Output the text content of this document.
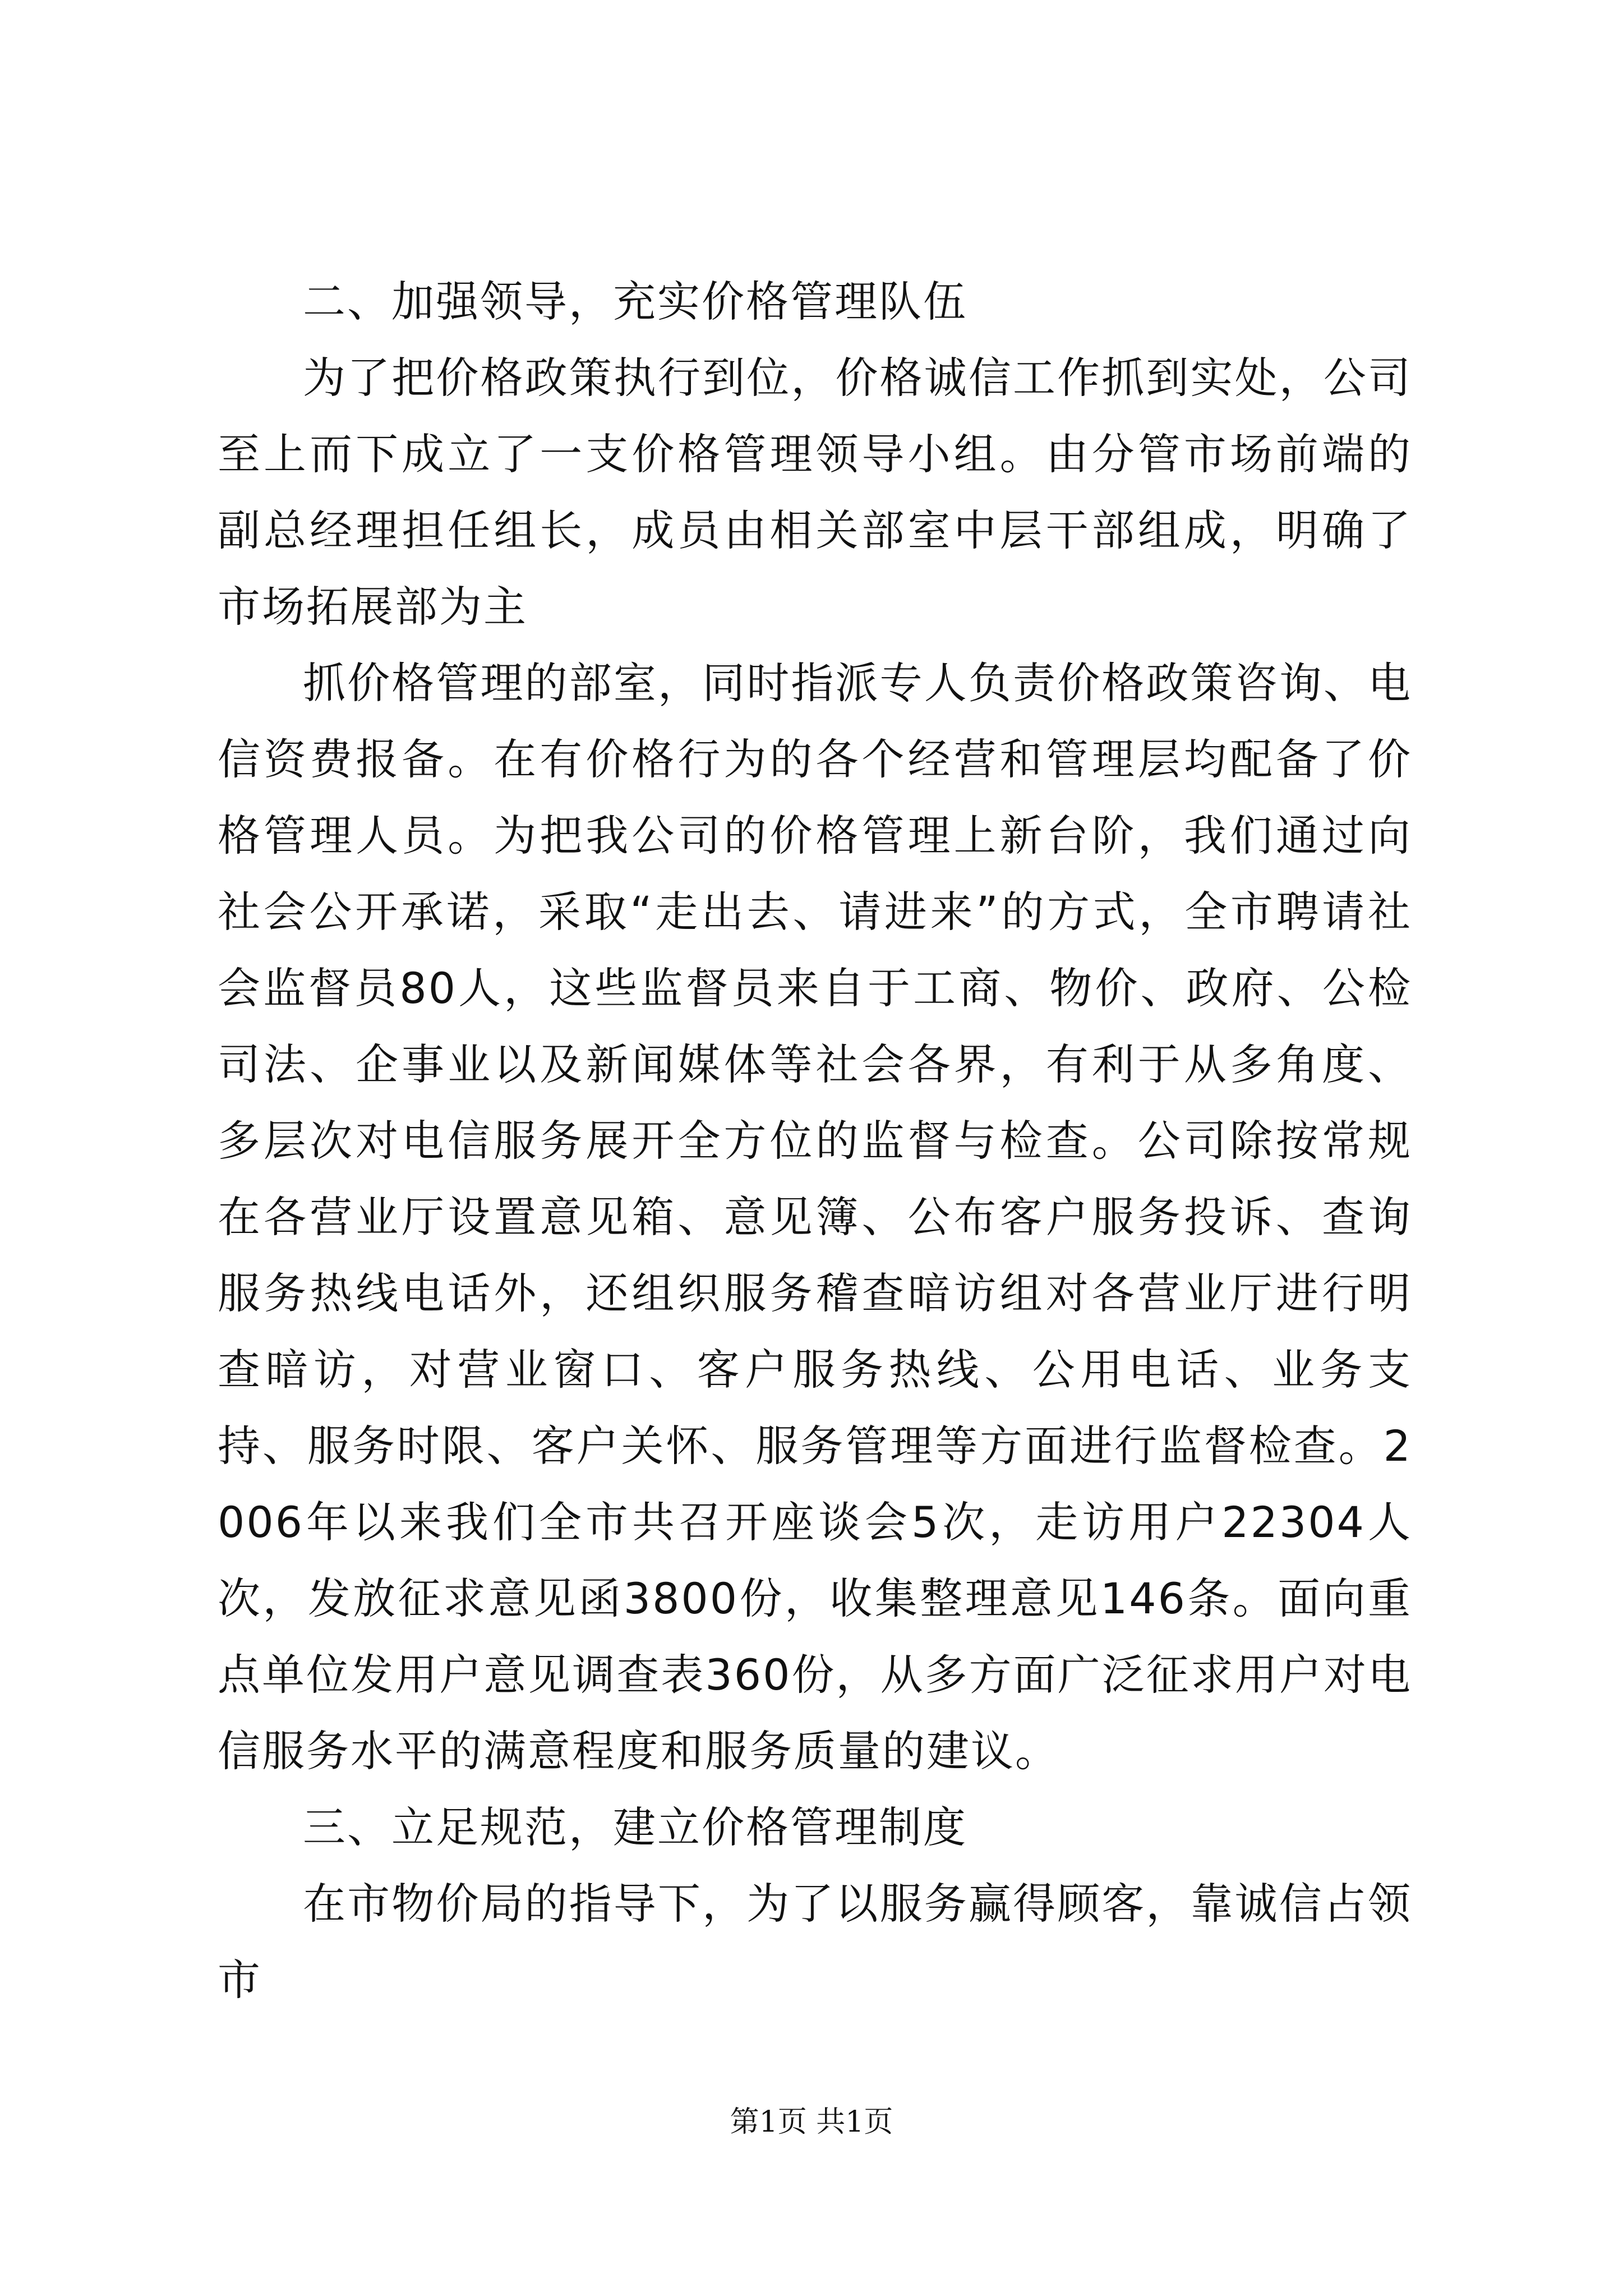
二、加强领导，充实价格管理队伍

为了把价格政策执行到位，价格诚信工作抓到实处，公司至上而下成立了一支价格管理领导小组。由分管市场前端的副总经理担任组长，成员由相关部室中层干部组成，明确了市场拓展部为主

抓价格管理的部室，同时指派专人负责价格政策咨询、电信资费报备。在有价格行为的各个经营和管理层均配备了价格管理人员。为把我公司的价格管理上新台阶，我们通过向社会公开承诺，采取“走出去、请进来”的方式，全市聘请社会监督员80人，这些监督员来自于工商、物价、政府、公检司法、企事业以及新闻媒体等社会各界，有利于从多角度、多层次对电信服务展开全方位的监督与检查。公司除按常规在各营业厅设置意见箱、意见簿、公布客户服务投诉、查询服务热线电话外，还组织服务稽查暗访组对各营业厅进行明查暗访，对营业窗口、客户服务热线、公用电话、业务支持、服务时限、客户关怀、服务管理等方面进行监督检查。2006年以来我们全市共召开座谈会5次，走访用户22304人次，发放征求意见函3800份，收集整理意见146条。面向重点单位发用户意见调查表360份，从多方面广泛征求用户对电信服务水平的满意程度和服务质量的建议。

三、立足规范，建立价格管理制度

在市物价局的指导下，为了以服务赢得顾客，靠诚信占领市

第1页 共1页
